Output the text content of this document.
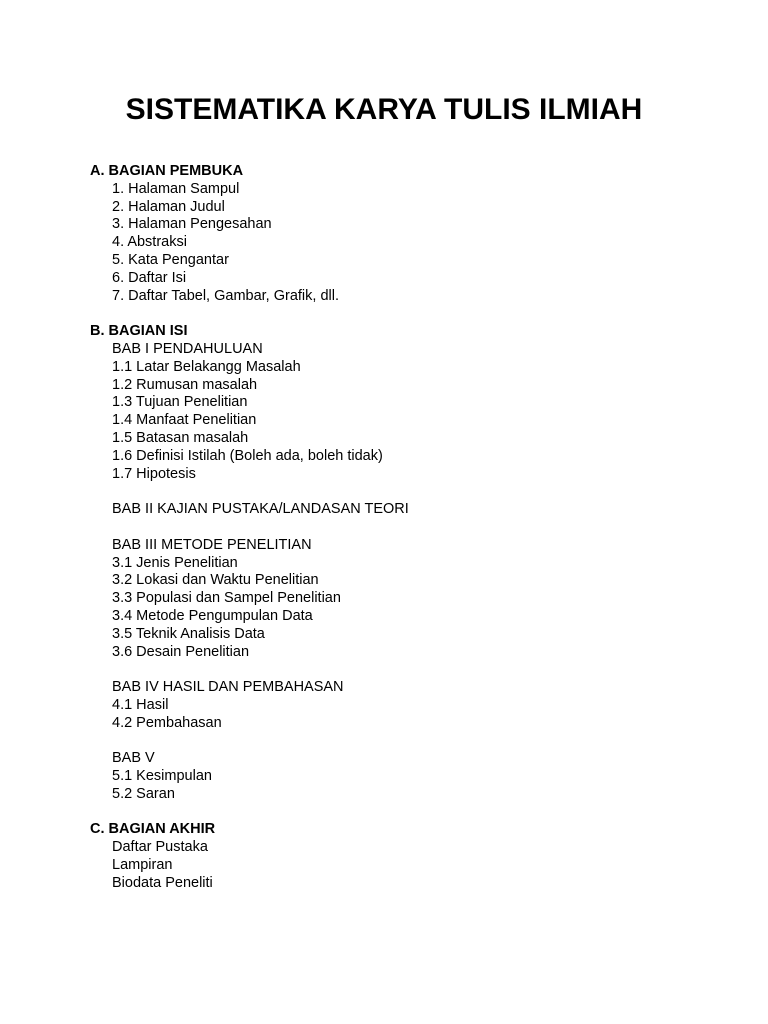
SISTEMATIKA KARYA TULIS ILMIAH
A. BAGIAN PEMBUKA
1. Halaman Sampul
2. Halaman Judul
3. Halaman Pengesahan
4. Abstraksi
5. Kata Pengantar
6. Daftar Isi
7. Daftar Tabel, Gambar, Grafik, dll.
B. BAGIAN ISI
BAB I PENDAHULUAN
1.1 Latar Belakangg Masalah
1.2 Rumusan masalah
1.3 Tujuan Penelitian
1.4 Manfaat Penelitian
1.5 Batasan masalah
1.6 Definisi Istilah (Boleh ada, boleh tidak)
1.7 Hipotesis
BAB II KAJIAN PUSTAKA/LANDASAN TEORI
BAB III METODE PENELITIAN
3.1 Jenis Penelitian
3.2 Lokasi dan Waktu Penelitian
3.3 Populasi dan Sampel Penelitian
3.4 Metode Pengumpulan Data
3.5 Teknik Analisis Data
3.6 Desain Penelitian
BAB IV HASIL DAN PEMBAHASAN
4.1 Hasil
4.2 Pembahasan
BAB V
5.1 Kesimpulan
5.2 Saran
C. BAGIAN AKHIR
Daftar Pustaka
Lampiran
Biodata Peneliti
